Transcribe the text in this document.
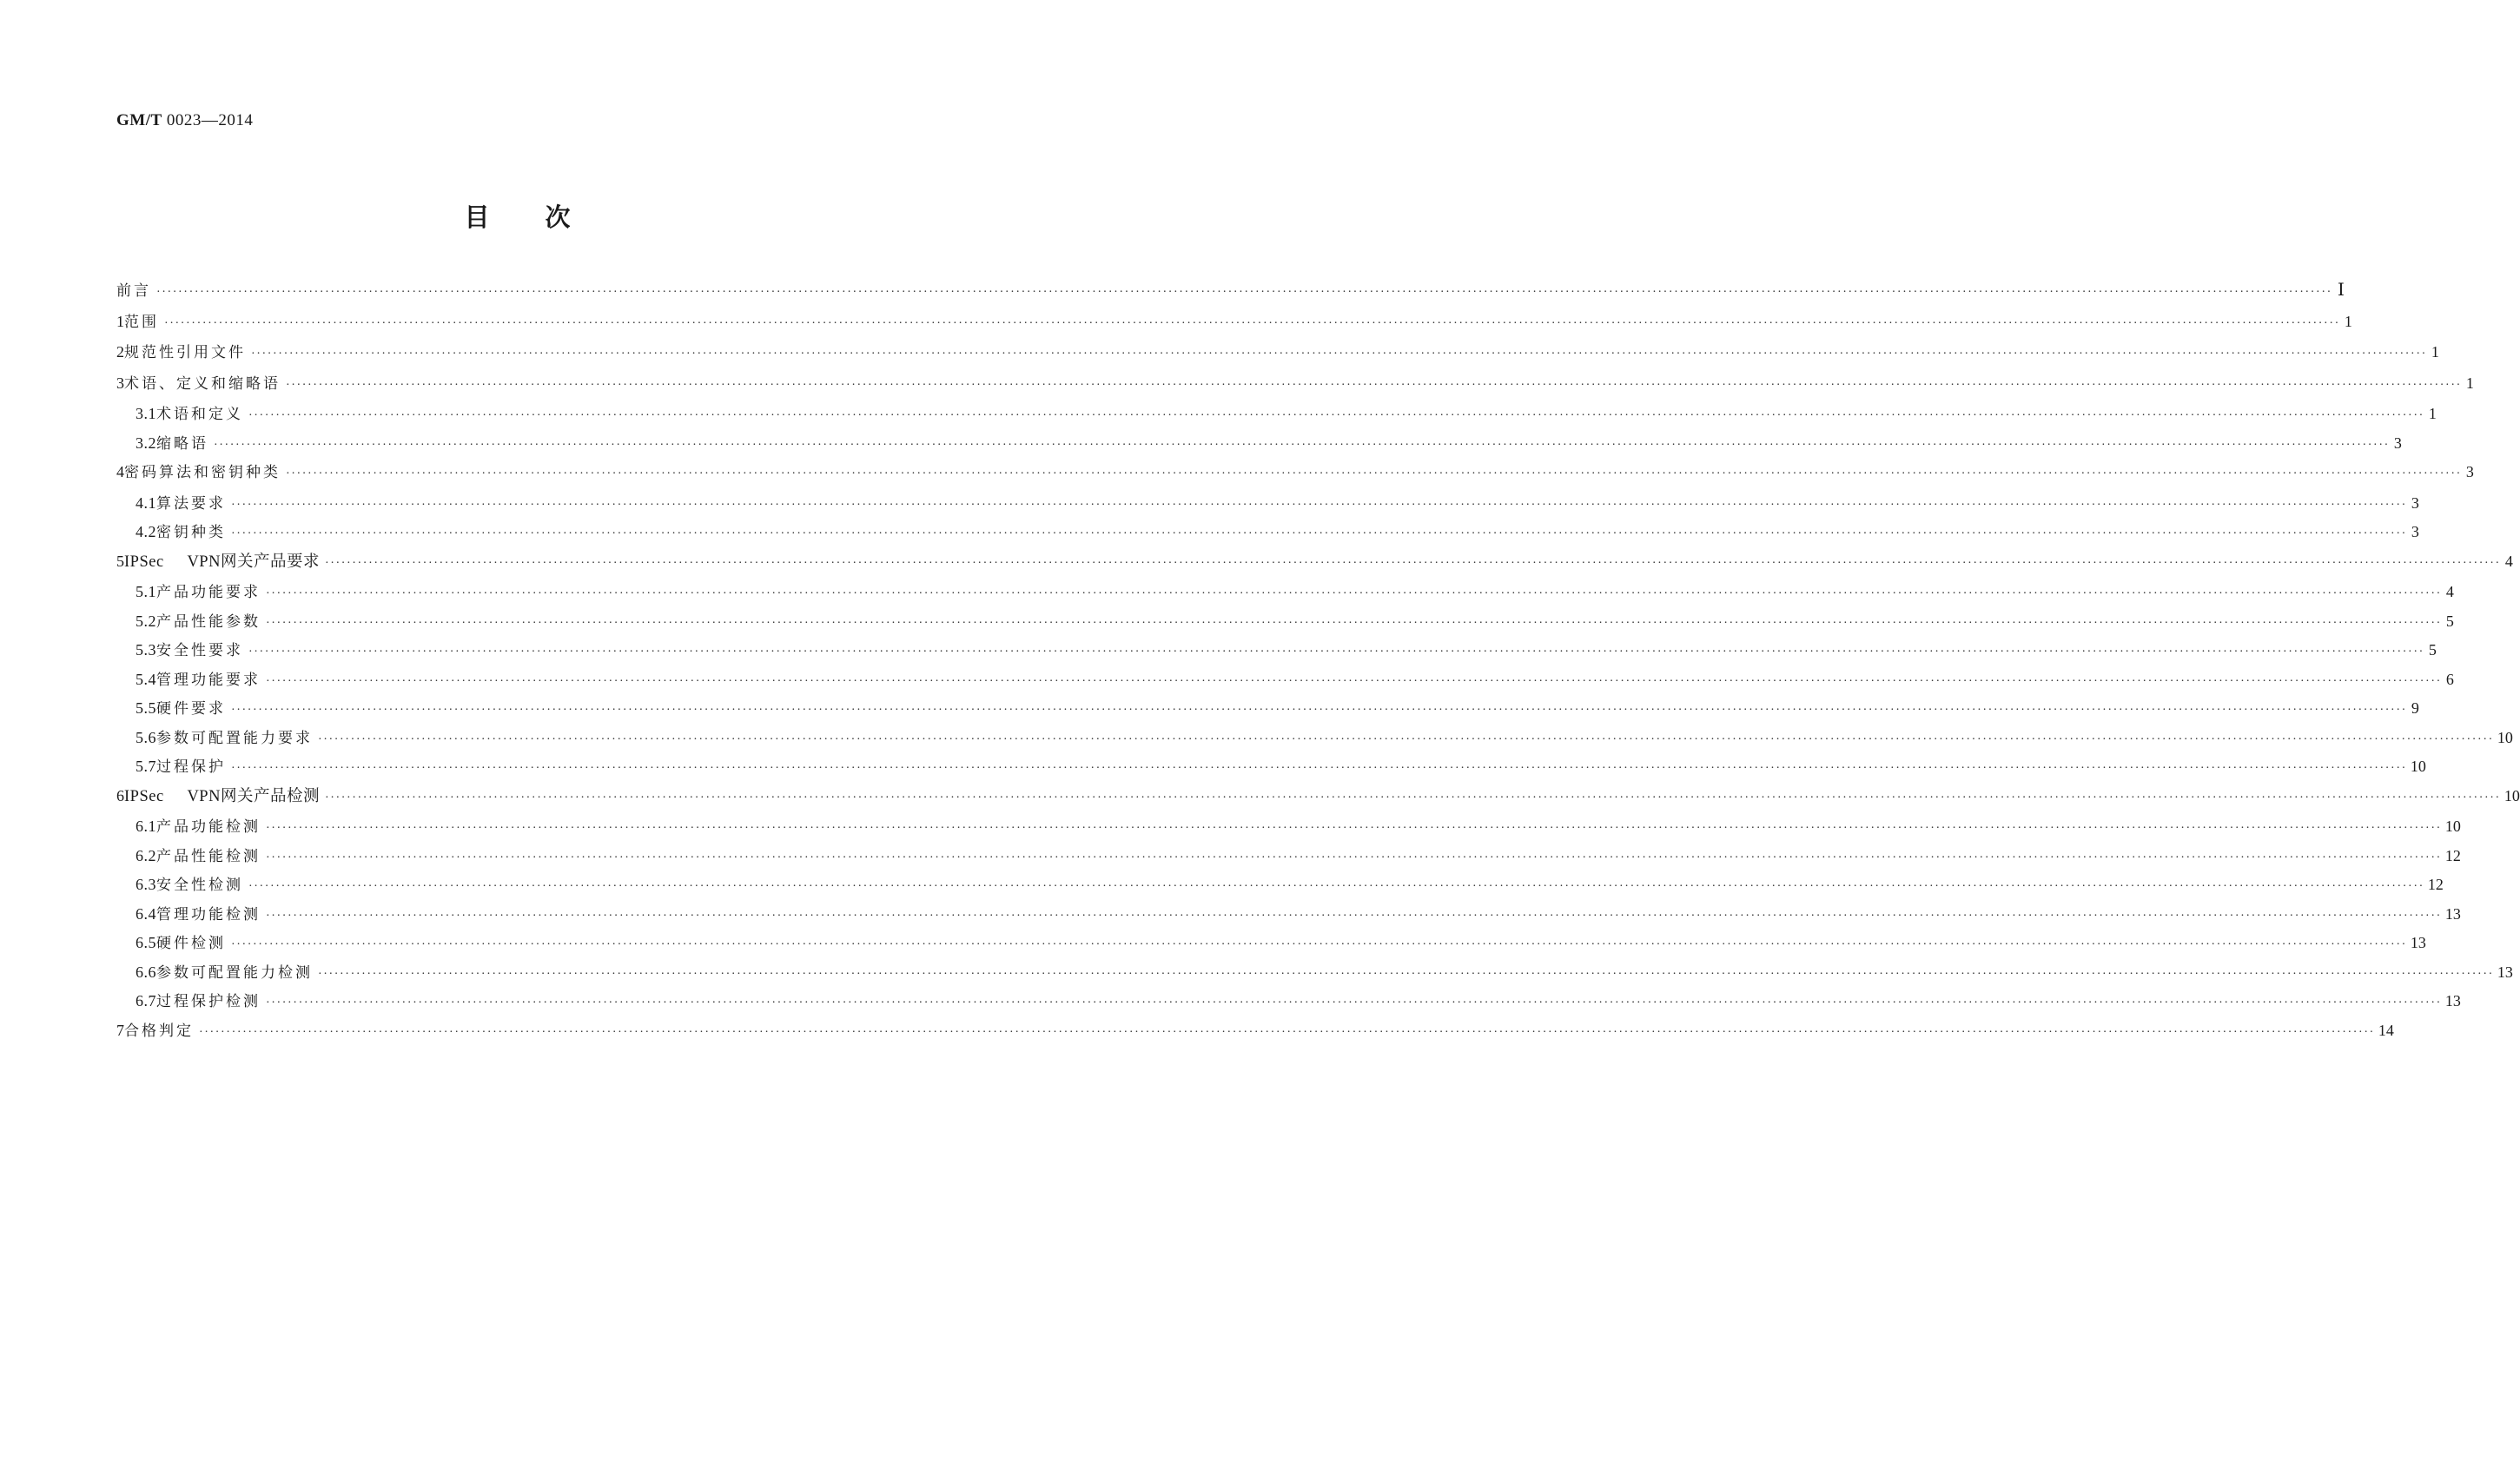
GM/T 0023—2014
目次
前言 ················································································································································································································································································································································································································ Ⅰ
1 范围 ················································································································································································································································································································································································································ 1
2 规范性引用文件 ················································································································································································································································································································································································································ 1
3 术语、定义和缩略语 ················································································································································································································································································································································································································ 1
3.1 术语和定义 ················································································································································································································································································································································································································ 1
3.2 缩略语 ················································································································································································································································································································································································································ 3
4 密码算法和密钥种类 ················································································································································································································································································································································································································ 3
4.1 算法要求 ················································································································································································································································································································································································································ 3
4.2 密钥种类 ················································································································································································································································································································································································································ 3
5 IPSec VPN网关产品要求 ················································································································································································································································································································································································································ 4
5.1 产品功能要求 ················································································································································································································································································································································································································ 4
5.2 产品性能参数 ················································································································································································································································································································································································································ 5
5.3 安全性要求 ················································································································································································································································································································································································································ 5
5.4 管理功能要求 ················································································································································································································································································································································································································ 6
5.5 硬件要求 ················································································································································································································································································································································································································ 9
5.6 参数可配置能力要求 ················································································································································································································································································································································································································ 10
5.7 过程保护 ················································································································································································································································································································································································································ 10
6 IPSec VPN网关产品检测 ················································································································································································································································································································································································································ 10
6.1 产品功能检测 ················································································································································································································································································································································································································ 10
6.2 产品性能检测 ················································································································································································································································································································································································································ 12
6.3 安全性检测 ················································································································································································································································································································································································································ 12
6.4 管理功能检测 ················································································································································································································································································································································································································ 13
6.5 硬件检测 ················································································································································································································································································································································································································ 13
6.6 参数可配置能力检测 ················································································································································································································································································································································································································ 13
6.7 过程保护检测 ················································································································································································································································································································································································································ 13
7 合格判定 ················································································································································································································································································································································································································ 14
